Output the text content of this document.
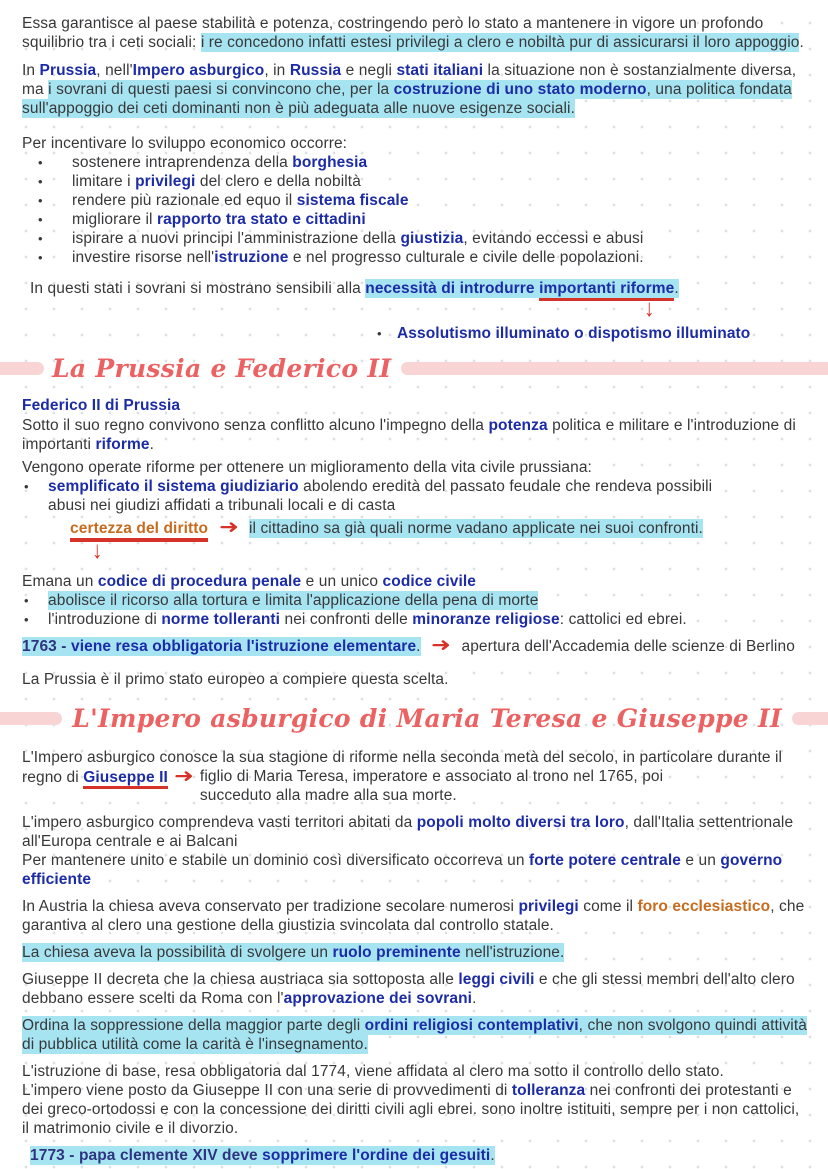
Essa garantisce al paese stabilità e potenza, costringendo però lo stato a mantenere in vigore un profondo squilibrio tra i ceti sociali: i re concedono infatti estesi privilegi a clero e nobiltà pur di assicurarsi il loro appoggio.

In Prussia, nell'Impero asburgico, in Russia e negli stati italiani la situazione non è sostanzialmente diversa, ma i sovrani di questi paesi si convincono che, per la costruzione di uno stato moderno, una politica fondata sull'appoggio dei ceti dominanti non è più adeguata alle nuove esigenze sociali.

Per incentivare lo sviluppo economico occorre:

•	sostenere intraprendenza della borghesia
•	limitare i privilegi del clero e della nobiltà
•	rendere più razionale ed equo il sistema fiscale
•	migliorare il rapporto tra stato e cittadini
•	ispirare a nuovi principi l'amministrazione della giustizia, evitando eccessi e abusi
•	investire risorse nell'istruzione e nel progresso culturale e civile delle popolazioni.

In questi stati i sovrani si mostrano sensibili alla necessità di introdurre importanti riforme.

↓
• Assolutismo illuminato o dispotismo illuminato
La Prussia e Federico II

Federico II di Prussia

Sotto il suo regno convivono senza conflitto alcuno l'impegno della potenza politica e militare e l'introduzione di importanti riforme.

Vengono operate riforme per ottenere un miglioramento della vita civile prussiana:

•	semplificato il sistema giudiziario abolendo eredità del passato feudale che rendeva possibili abusi nei giudizi affidati a tribunali locali e di casta

certezza del diritto ➜ il cittadino sa già quali norme vadano applicate nei suoi confronti.

↓

Emana un codice di procedura penale e un unico codice civile

•	abolisce il ricorso alla tortura e limita l'applicazione della pena di morte
•	l'introduzione di norme tolleranti nei confronti delle minoranze religiose: cattolici ed ebrei.

1763 - viene resa obbligatoria l'istruzione elementare. ➜ apertura dell'Accademia delle scienze di Berlino

La Prussia è il primo stato europeo a compiere questa scelta.

L'Impero asburgico di Maria Teresa e Giuseppe II

L'Impero asburgico conosce la sua stagione di riforme nella seconda metà del secolo, in particolare durante il regno di Giuseppe II ➜ figlio di Maria Teresa, imperatore e associato al trono nel 1765, poi succeduto alla madre alla sua morte.

L'impero asburgico comprendeva vasti territori abitati da popoli molto diversi tra loro, dall'Italia settentrionale all'Europa centrale e ai Balcani

Per mantenere unito e stabile un dominio così diversificato occorreva un forte potere centrale e un governo efficiente

In Austria la chiesa aveva conservato per tradizione secolare numerosi privilegi come il foro ecclesiastico, che garantiva al clero una gestione della giustizia svincolata dal controllo statale.

La chiesa aveva la possibilità di svolgere un ruolo preminente nell'istruzione.

Giuseppe II decreta che la chiesa austriaca sia sottoposta alle leggi civili e che gli stessi membri dell'alto clero debbano essere scelti da Roma con l'approvazione dei sovrani.

Ordina la soppressione della maggior parte degli ordini religiosi contemplativi, che non svolgono quindi attività di pubblica utilità come la carità è l'insegnamento.

L'istruzione di base, resa obbligatoria dal 1774, viene affidata al clero ma sotto il controllo dello stato.

L'impero viene posto da Giuseppe II con una serie di provvedimenti di tolleranza nei confronti dei protestanti e dei greco-ortodossi e con la concessione dei diritti civili agli ebrei. sono inoltre istituiti, sempre per i non cattolici, il matrimonio civile e il divorzio.

1773 - papa clemente XIV deve sopprimere l'ordine dei gesuiti.
